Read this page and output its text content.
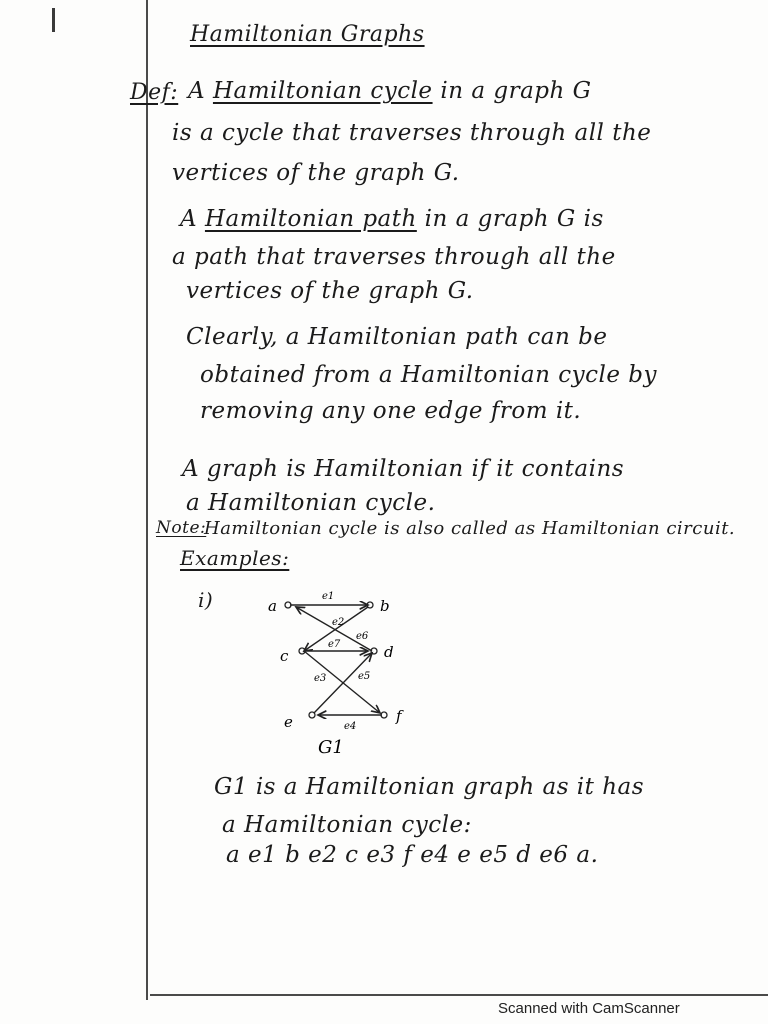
Hamiltonian Graphs
Def: A Hamiltonian cycle in a graph G
is a cycle that traverses through all the
vertices of the graph G.
A Hamiltonian path in a graph G is
a path that traverses through all the
vertices of the graph G.
Clearly, a Hamiltonian path can be
obtained from a Hamiltonian cycle by
removing any one edge from it.
A graph is Hamiltonian if it contains
a Hamiltonian cycle.
Note:
Hamiltonian cycle is also called as Hamiltonian circuit.
Examples:
i)	a	b
c	d
e	f
e1
e2
e3
e4
e5
e6
e7
G1
G1 is a Hamiltonian graph as it has
a Hamiltonian cycle:
a e1 b e2 c e3 f e4 e e5 d e6 a.
Scanned with CamScanner
